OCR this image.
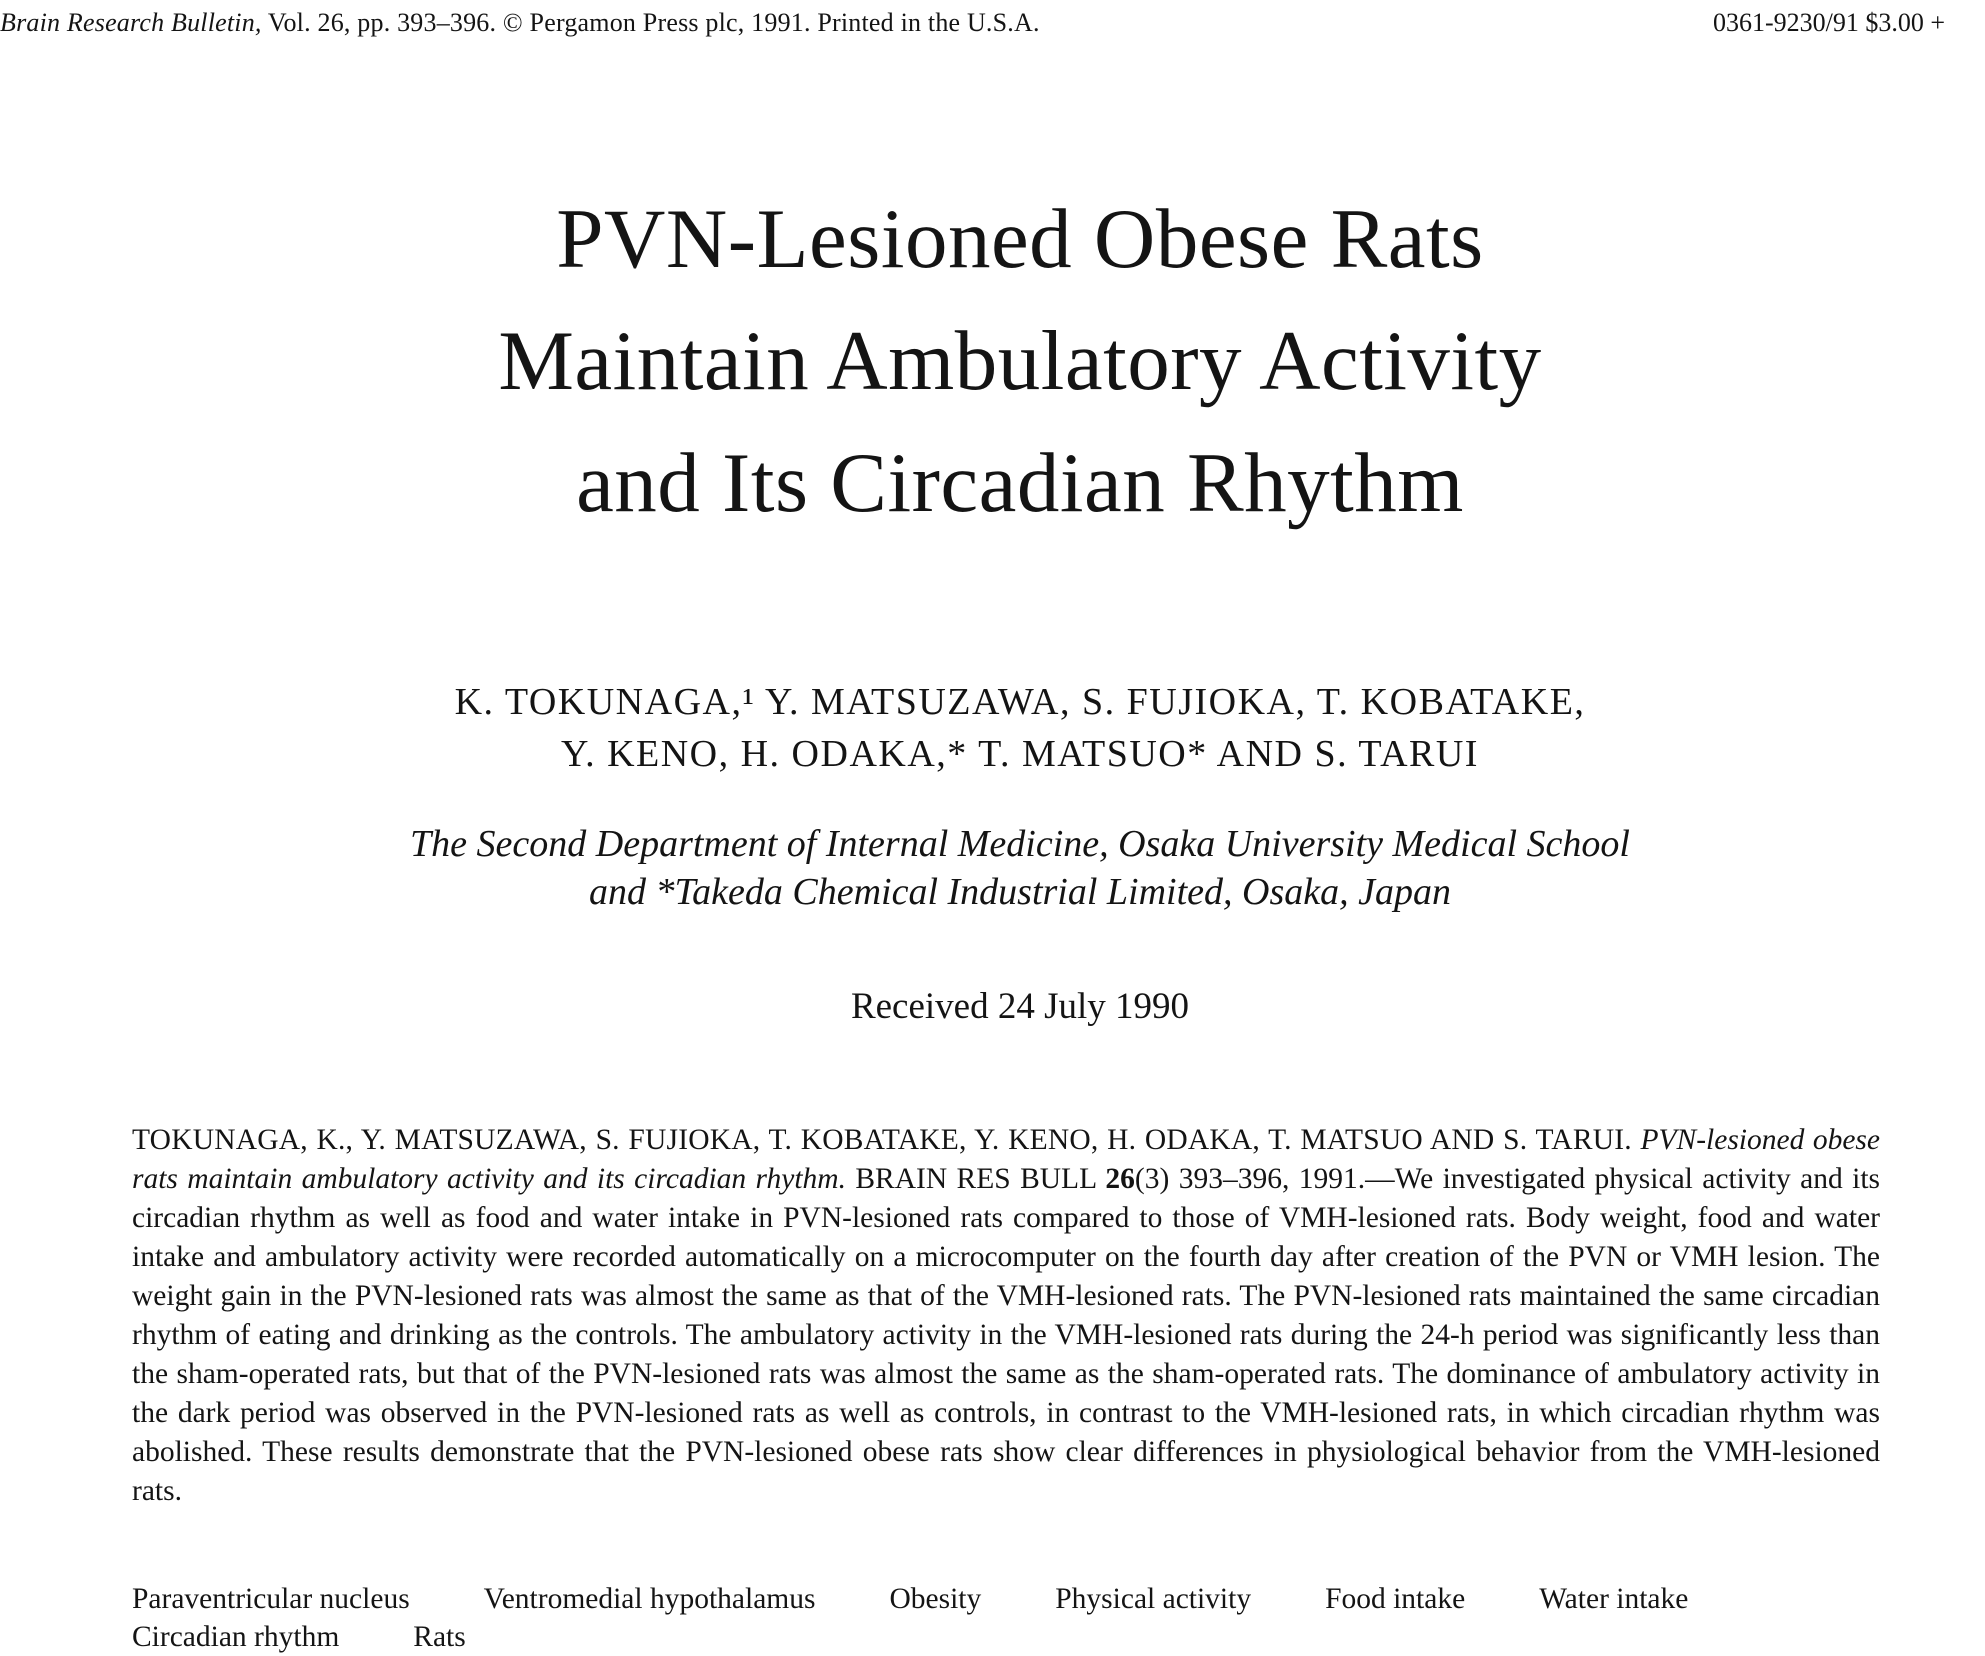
Brain Research Bulletin, Vol. 26, pp. 393–396. © Pergamon Press plc, 1991. Printed in the U.S.A.	0361-9230/91 $3.00 +
PVN-Lesioned Obese Rats
Maintain Ambulatory Activity
and Its Circadian Rhythm
K. TOKUNAGA,¹ Y. MATSUZAWA, S. FUJIOKA, T. KOBATAKE,
Y. KENO, H. ODAKA,* T. MATSUO* AND S. TARUI
The Second Department of Internal Medicine, Osaka University Medical School
and *Takeda Chemical Industrial Limited, Osaka, Japan
Received 24 July 1990
TOKUNAGA, K., Y. MATSUZAWA, S. FUJIOKA, T. KOBATAKE, Y. KENO, H. ODAKA, T. MATSUO AND S. TARUI. PVN-lesioned obese rats maintain ambulatory activity and its circadian rhythm. BRAIN RES BULL 26(3) 393–396, 1991.—We investigated physical activity and its circadian rhythm as well as food and water intake in PVN-lesioned rats compared to those of VMH-lesioned rats. Body weight, food and water intake and ambulatory activity were recorded automatically on a microcomputer on the fourth day after creation of the PVN or VMH lesion. The weight gain in the PVN-lesioned rats was almost the same as that of the VMH-lesioned rats. The PVN-lesioned rats maintained the same circadian rhythm of eating and drinking as the controls. The ambulatory activity in the VMH-lesioned rats during the 24-h period was significantly less than the sham-operated rats, but that of the PVN-lesioned rats was almost the same as the sham-operated rats. The dominance of ambulatory activity in the dark period was observed in the PVN-lesioned rats as well as controls, in contrast to the VMH-lesioned rats, in which circadian rhythm was abolished. These results demonstrate that the PVN-lesioned obese rats show clear differences in physiological behavior from the VMH-lesioned rats.
Paraventricular nucleus	Ventromedial hypothalamus	Obesity	Physical activity	Food intake	Water intake
Circadian rhythm	Rats
